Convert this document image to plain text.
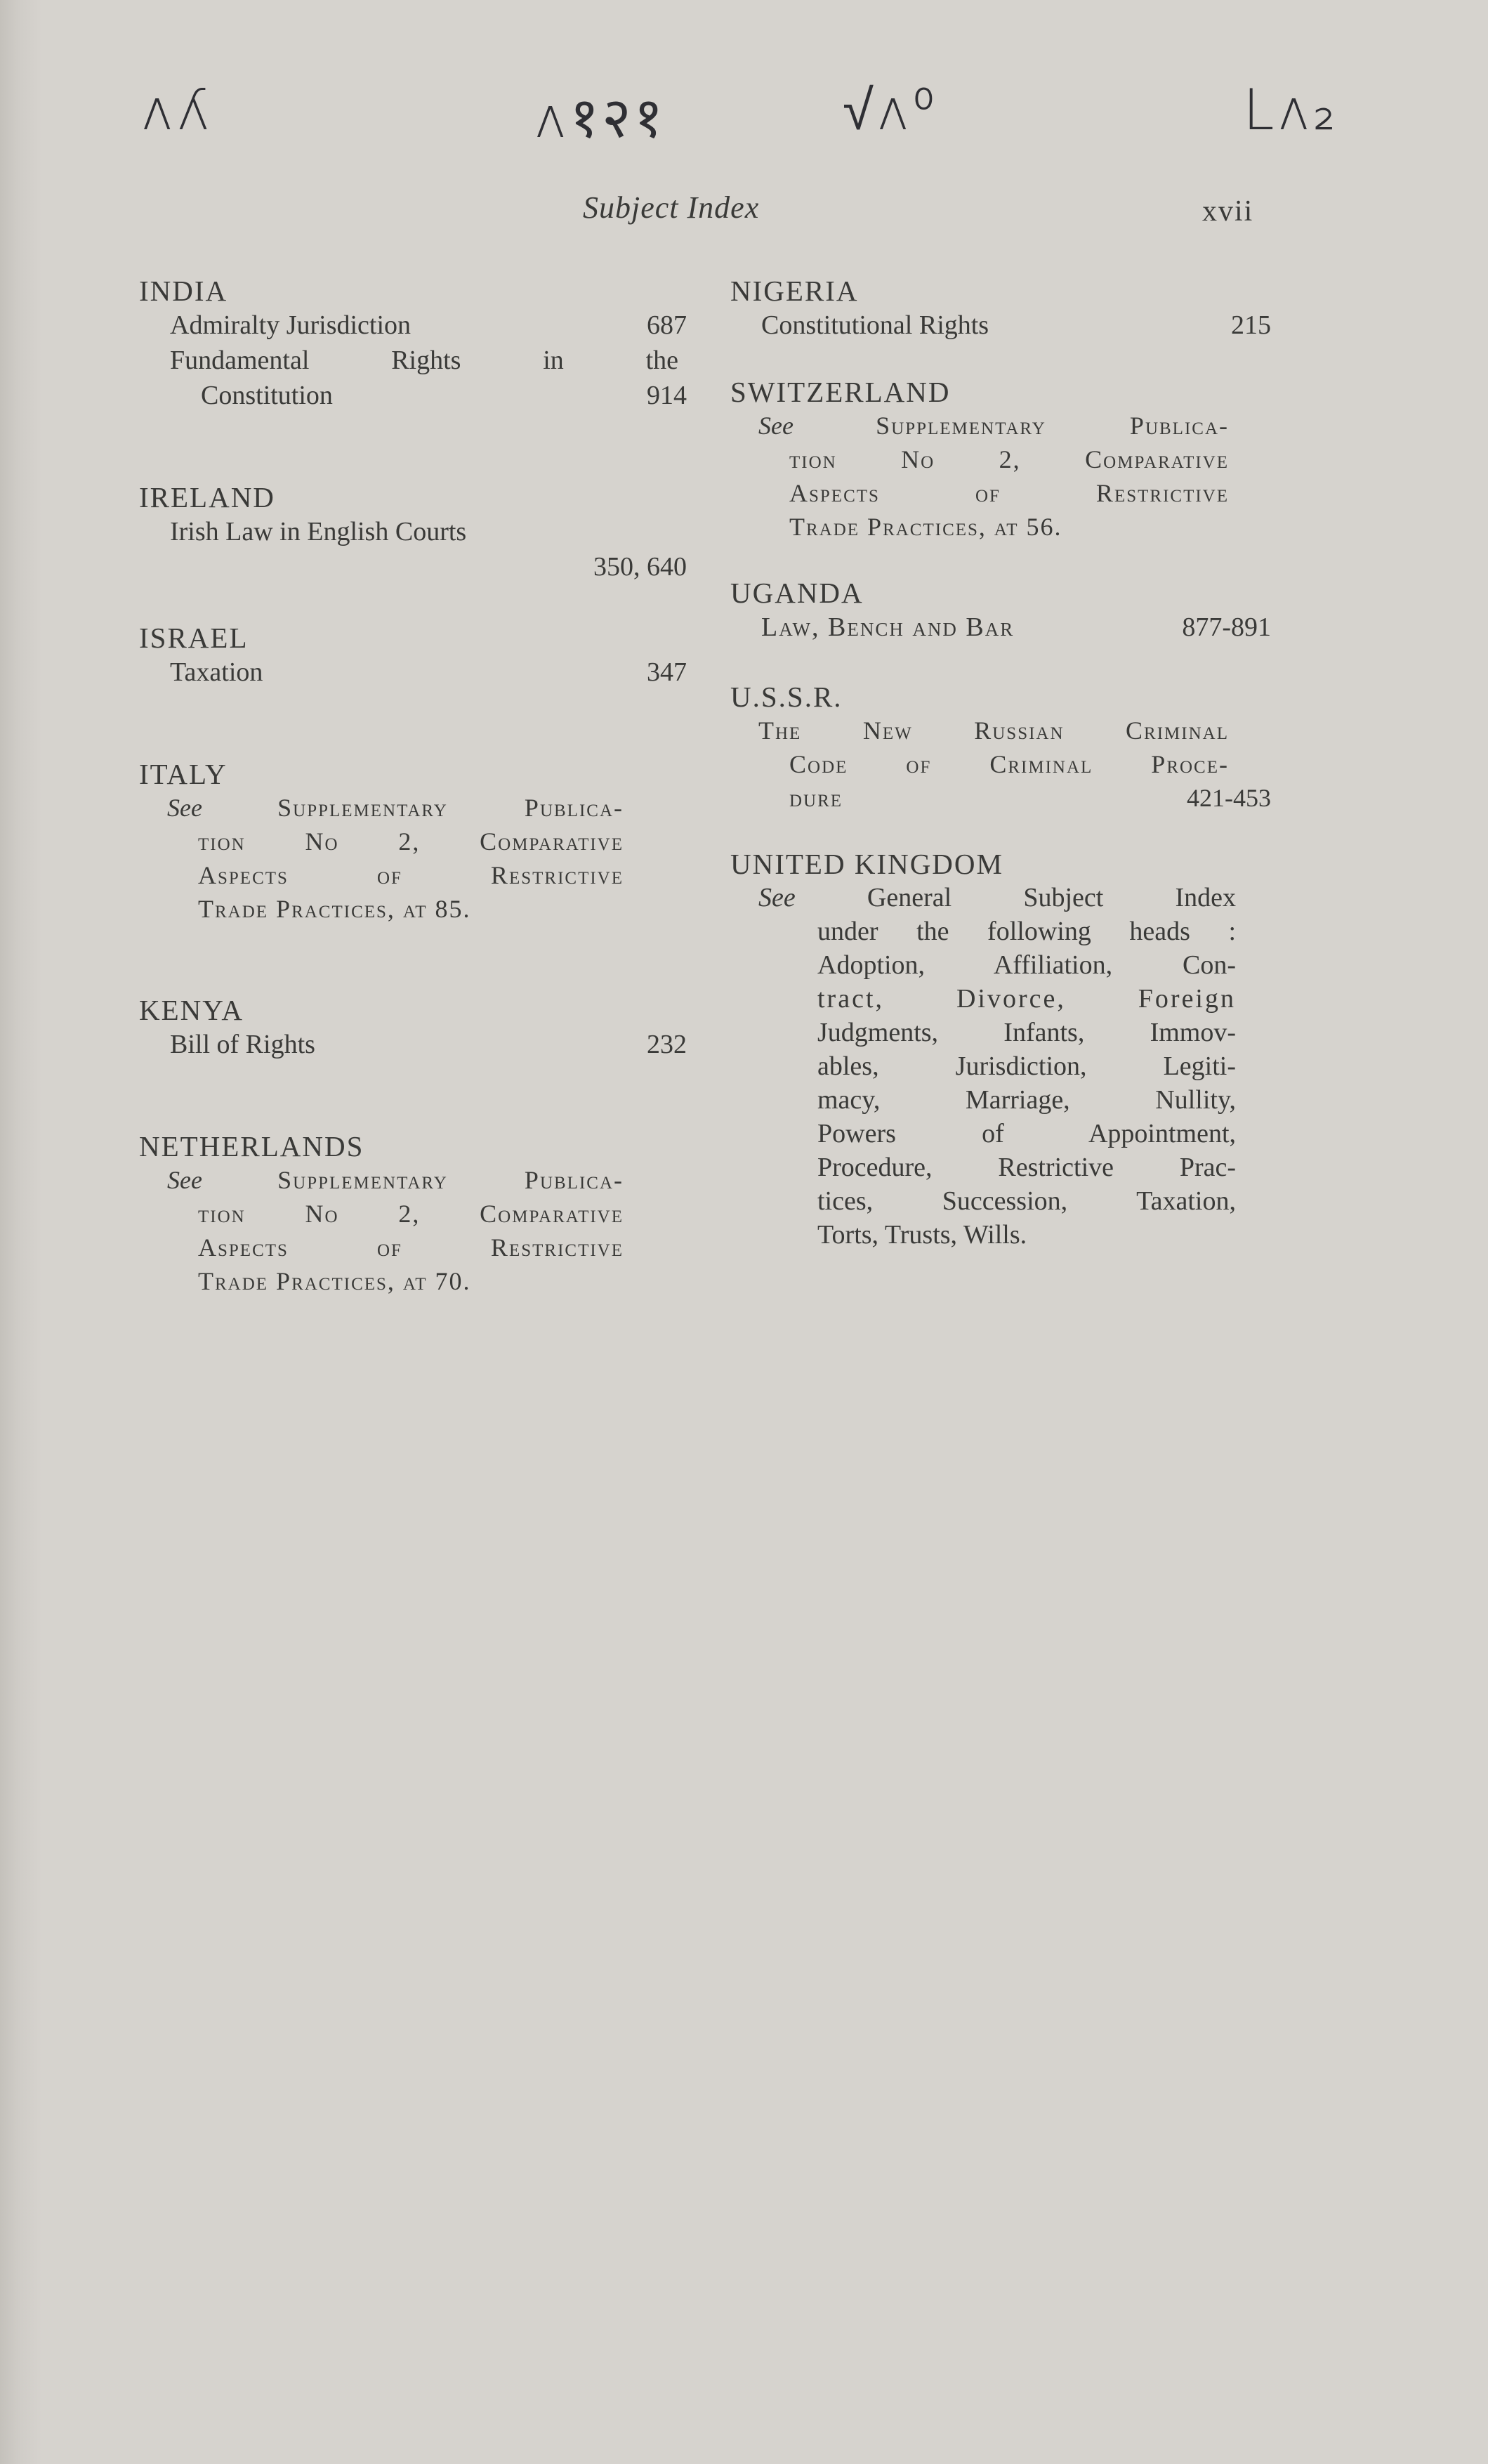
ʌʎ	ʌ१२१	√ʌ⁰	Lʌ₂
Subject Index	xvii
INDIA
Admiralty Jurisdiction	687
Fundamental Rights in the
Constitution	914
IRELAND
Irish Law in English Courts
350, 640
ISRAEL
Taxation	347
ITALY
See	Supplementary Publica-
tion No 2, Comparative
Aspects of Restrictive
Trade Practices, at 85.
KENYA
Bill of Rights	232
NETHERLANDS
See	Supplementary Publica-
tion No 2, Comparative
Aspects of Restrictive
Trade Practices, at 70.
NIGERIA
Constitutional Rights	215
SWITZERLAND
See	Supplementary Publica-
tion No 2, Comparative
Aspects of Restrictive
Trade Practices, at 56.
UGANDA
Law, Bench and Bar	877-891
U.S.S.R.
The New Russian Criminal
Code of Criminal Proce-
dure	421-453
UNITED KINGDOM
See	General Subject Index
under the following heads :
Adoption, Affiliation, Con-
tract, Divorce, Foreign
Judgments, Infants, Immov-
ables, Jurisdiction, Legiti-
macy, Marriage, Nullity,
Powers of Appointment,
Procedure, Restrictive Prac-
tices, Succession, Taxation,
Torts, Trusts, Wills.
